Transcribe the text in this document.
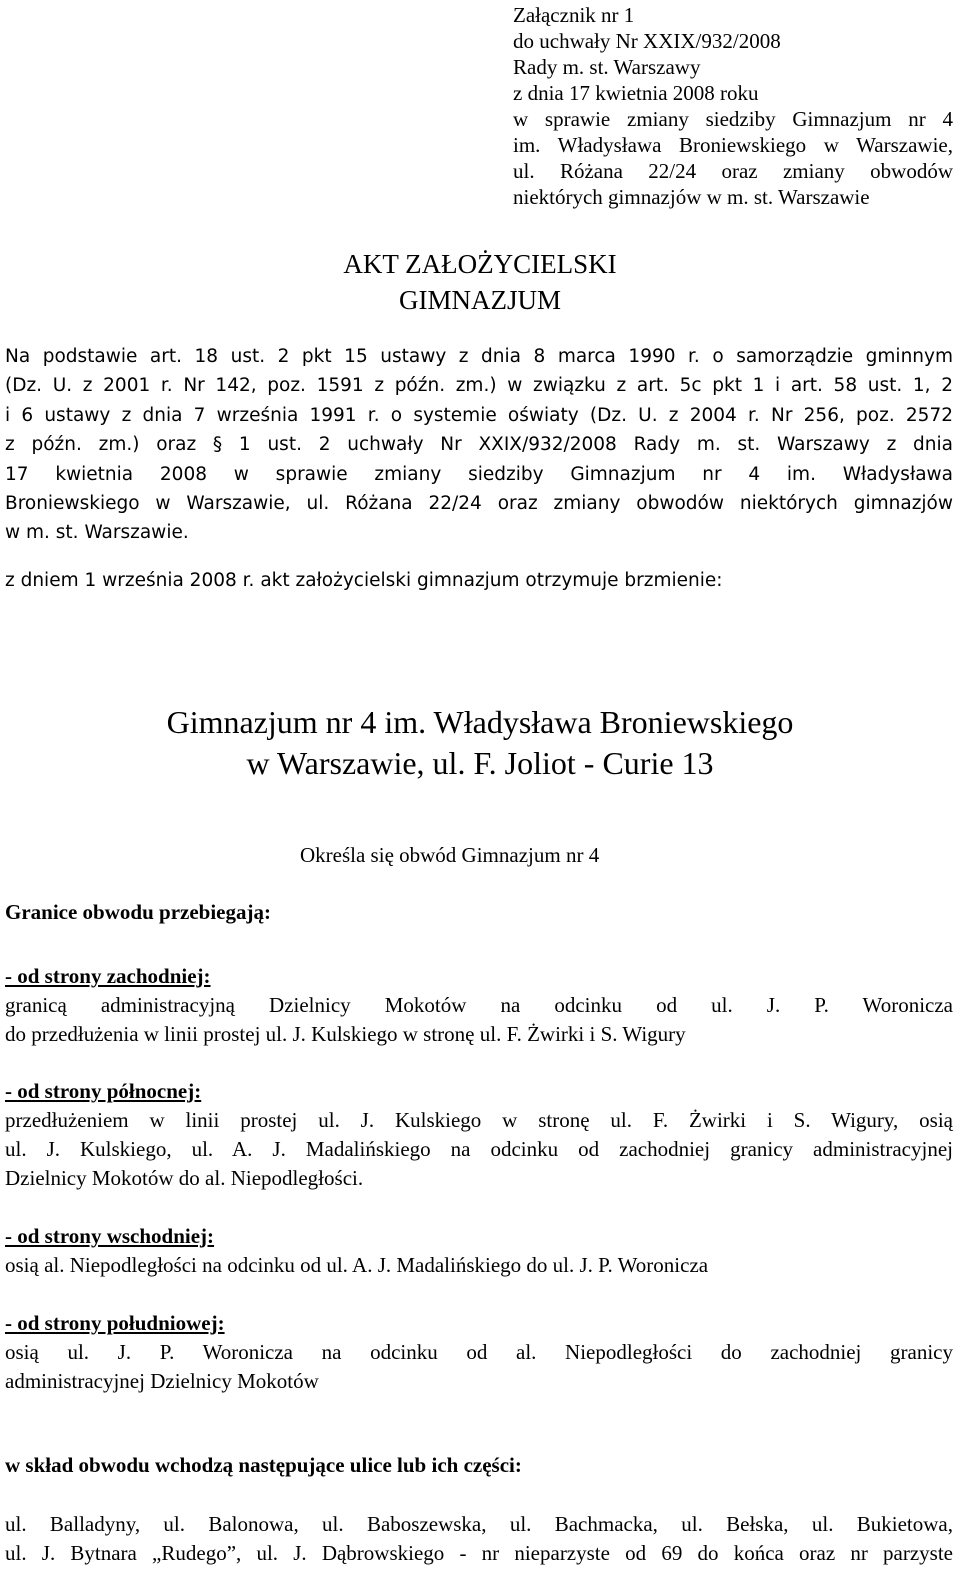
Załącznik nr 1
do uchwały Nr XXIX/932/2008
Rady m. st. Warszawy
z dnia 17 kwietnia 2008 roku
w sprawie zmiany siedziby Gimnazjum nr 4
im. Władysława Broniewskiego w Warszawie,
ul. Różana 22/24 oraz zmiany obwodów
niektórych gimnazjów w m. st. Warszawie
AKT ZAŁOŻYCIELSKI
GIMNAZJUM
Na podstawie art. 18 ust. 2 pkt 15 ustawy z dnia 8 marca 1990 r. o samorządzie gminnym
(Dz. U. z 2001 r. Nr 142, poz. 1591 z późn. zm.) w związku z art. 5c pkt 1 i art. 58 ust. 1, 2
i 6 ustawy z dnia 7 września 1991 r. o systemie oświaty (Dz. U. z 2004 r. Nr 256, poz. 2572
z późn. zm.) oraz § 1 ust. 2 uchwały Nr XXIX/932/2008 Rady m. st. Warszawy z dnia
17 kwietnia 2008 w sprawie zmiany siedziby Gimnazjum nr 4 im. Władysława
Broniewskiego w Warszawie, ul. Różana 22/24 oraz zmiany obwodów niektórych gimnazjów
w m. st. Warszawie.
z dniem 1 września 2008 r. akt założycielski gimnazjum otrzymuje brzmienie:
Gimnazjum nr 4 im. Władysława Broniewskiego
w Warszawie, ul. F. Joliot - Curie 13
Określa się obwód Gimnazjum nr 4
Granice obwodu przebiegają:
- od strony zachodniej:
granicą administracyjną Dzielnicy Mokotów na odcinku od ul. J. P. Woronicza
do przedłużenia w linii prostej ul. J. Kulskiego w stronę ul. F. Żwirki i S. Wigury
- od strony północnej:
przedłużeniem w linii prostej ul. J. Kulskiego w stronę ul. F. Żwirki i S. Wigury, osią
ul. J. Kulskiego, ul. A. J. Madalińskiego na odcinku od zachodniej granicy administracyjnej
Dzielnicy Mokotów do al. Niepodległości.
- od strony wschodniej:
osią al. Niepodległości na odcinku od ul. A. J. Madalińskiego do ul. J. P. Woronicza
- od strony południowej:
osią ul. J. P. Woronicza na odcinku od al. Niepodległości do zachodniej granicy
administracyjnej Dzielnicy Mokotów
w skład obwodu wchodzą następujące ulice lub ich części:
ul. Balladyny, ul. Balonowa, ul. Baboszewska, ul. Bachmacka, ul. Bełska, ul. Bukietowa,
ul. J. Bytnara „Rudego”, ul. J. Dąbrowskiego - nr nieparzyste od 69 do końca oraz nr parzyste
